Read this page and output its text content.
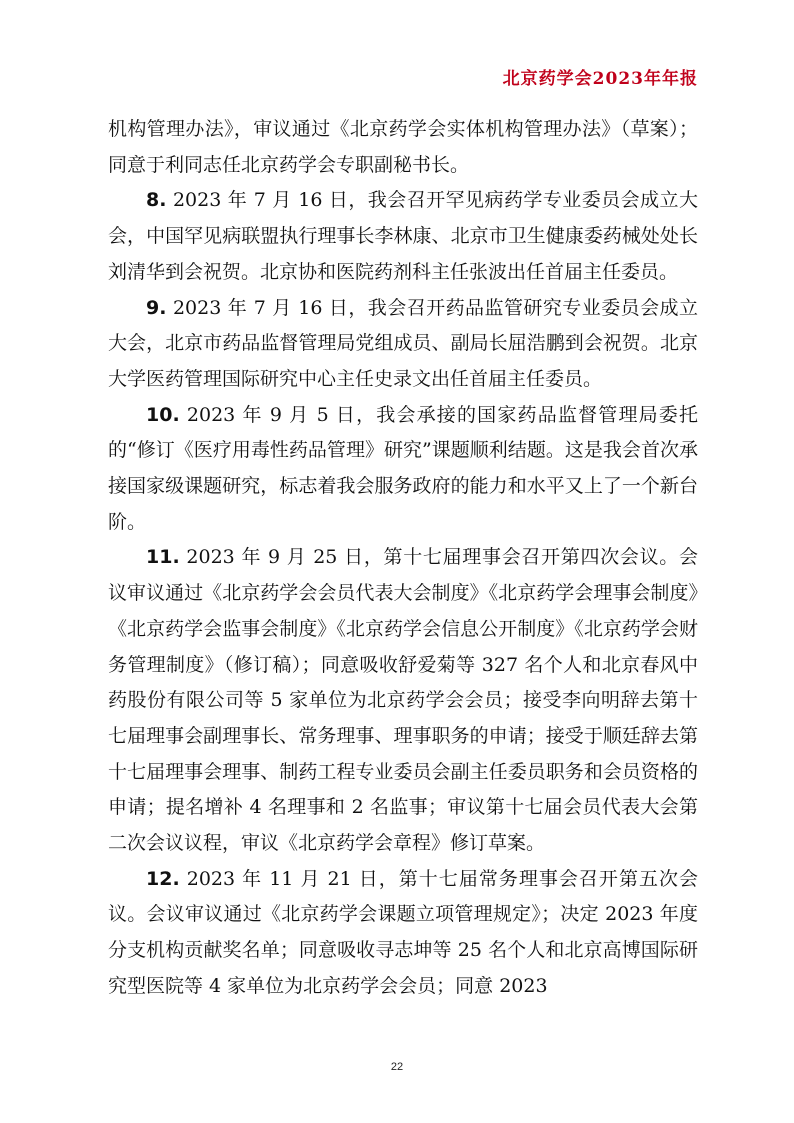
北京药学会2023年年报

机构管理办法》，审议通过《北京药学会实体机构管理办法》（草案）；同意于利同志任北京药学会专职副秘书长。

8. 2023 年 7 月 16 日，我会召开罕见病药学专业委员会成立大会，中国罕见病联盟执行理事长李林康、北京市卫生健康委药械处处长刘清华到会祝贺。北京协和医院药剂科主任张波出任首届主任委员。

9. 2023 年 7 月 16 日，我会召开药品监管研究专业委员会成立大会，北京市药品监督管理局党组成员、副局长屈浩鹏到会祝贺。北京大学医药管理国际研究中心主任史录文出任首届主任委员。

10. 2023 年 9 月 5 日，我会承接的国家药品监督管理局委托的“修订《医疗用毒性药品管理》研究”课题顺利结题。这是我会首次承接国家级课题研究，标志着我会服务政府的能力和水平又上了一个新台阶。

11. 2023 年 9 月 25 日，第十七届理事会召开第四次会议。会议审议通过《北京药学会会员代表大会制度》《北京药学会理事会制度》《北京药学会监事会制度》《北京药学会信息公开制度》《北京药学会财务管理制度》（修订稿）；同意吸收舒爱菊等 327 名个人和北京春风中药股份有限公司等 5 家单位为北京药学会会员；接受李向明辞去第十七届理事会副理事长、常务理事、理事职务的申请；接受于顺廷辞去第十七届理事会理事、制药工程专业委员会副主任委员职务和会员资格的申请；提名增补 4 名理事和 2 名监事；审议第十七届会员代表大会第二次会议议程，审议《北京药学会章程》修订草案。

12. 2023 年 11 月 21 日，第十七届常务理事会召开第五次会议。会议审议通过《北京药学会课题立项管理规定》；决定 2023 年度分支机构贡献奖名单；同意吸收寻志坤等 25 名个人和北京高博国际研究型医院等 4 家单位为北京药学会会员；同意 2023

22
